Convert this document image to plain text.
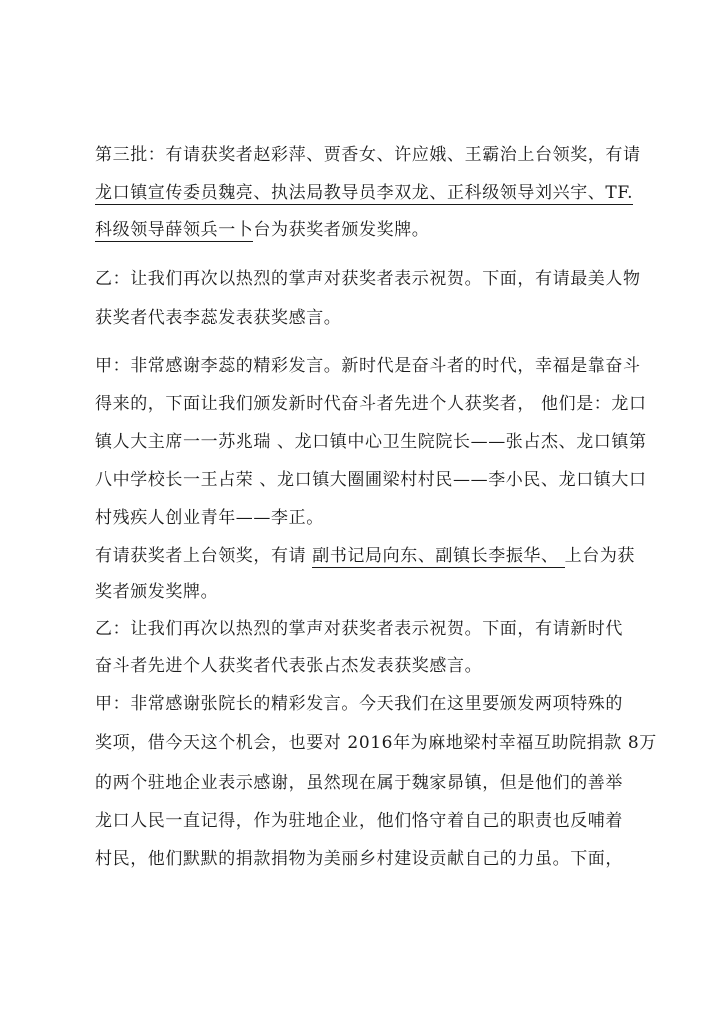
第三批：有请获奖者赵彩萍、贾香女、许应娥、王霸治上台领奖，有请
龙口镇宣传委员魏亮、执法局教导员李双龙、正科级领导刘兴宇、TF.
科级领导薛领兵一卜台为获奖者颁发奖牌。
乙：让我们再次以热烈的掌声对获奖者表示祝贺。下面，有请最美人物
获奖者代表李蕊发表获奖感言。
甲：非常感谢李蕊的精彩发言。新时代是奋斗者的时代，幸福是靠奋斗
得来的，下面让我们颁发新时代奋斗者先进个人获奖者， 他们是：龙口
镇人大主席一一苏兆瑞 、龙口镇中心卫生院院长——张占杰、龙口镇第
八中学校长一王占荣 、龙口镇大圈圃梁村村民——李小民、龙口镇大口
村残疾人创业青年——李正。
有请获奖者上台领奖，有请 副书记局向东、副镇长李振华、 上台为获
奖者颁发奖牌。
乙：让我们再次以热烈的掌声对获奖者表示祝贺。下面，有请新时代
奋斗者先进个人获奖者代表张占杰发表获奖感言。
甲：非常感谢张院长的精彩发言。今天我们在这里要颁发两项特殊的
奖项，借今天这个机会，也要对 2016年为麻地梁村幸福互助院捐款 8万
的两个驻地企业表示感谢，虽然现在属于魏家昴镇，但是他们的善举
龙口人民一直记得，作为驻地企业，他们恪守着自己的职责也反哺着
村民，他们默默的捐款捐物为美丽乡村建设贡献自己的力虽。下面，
